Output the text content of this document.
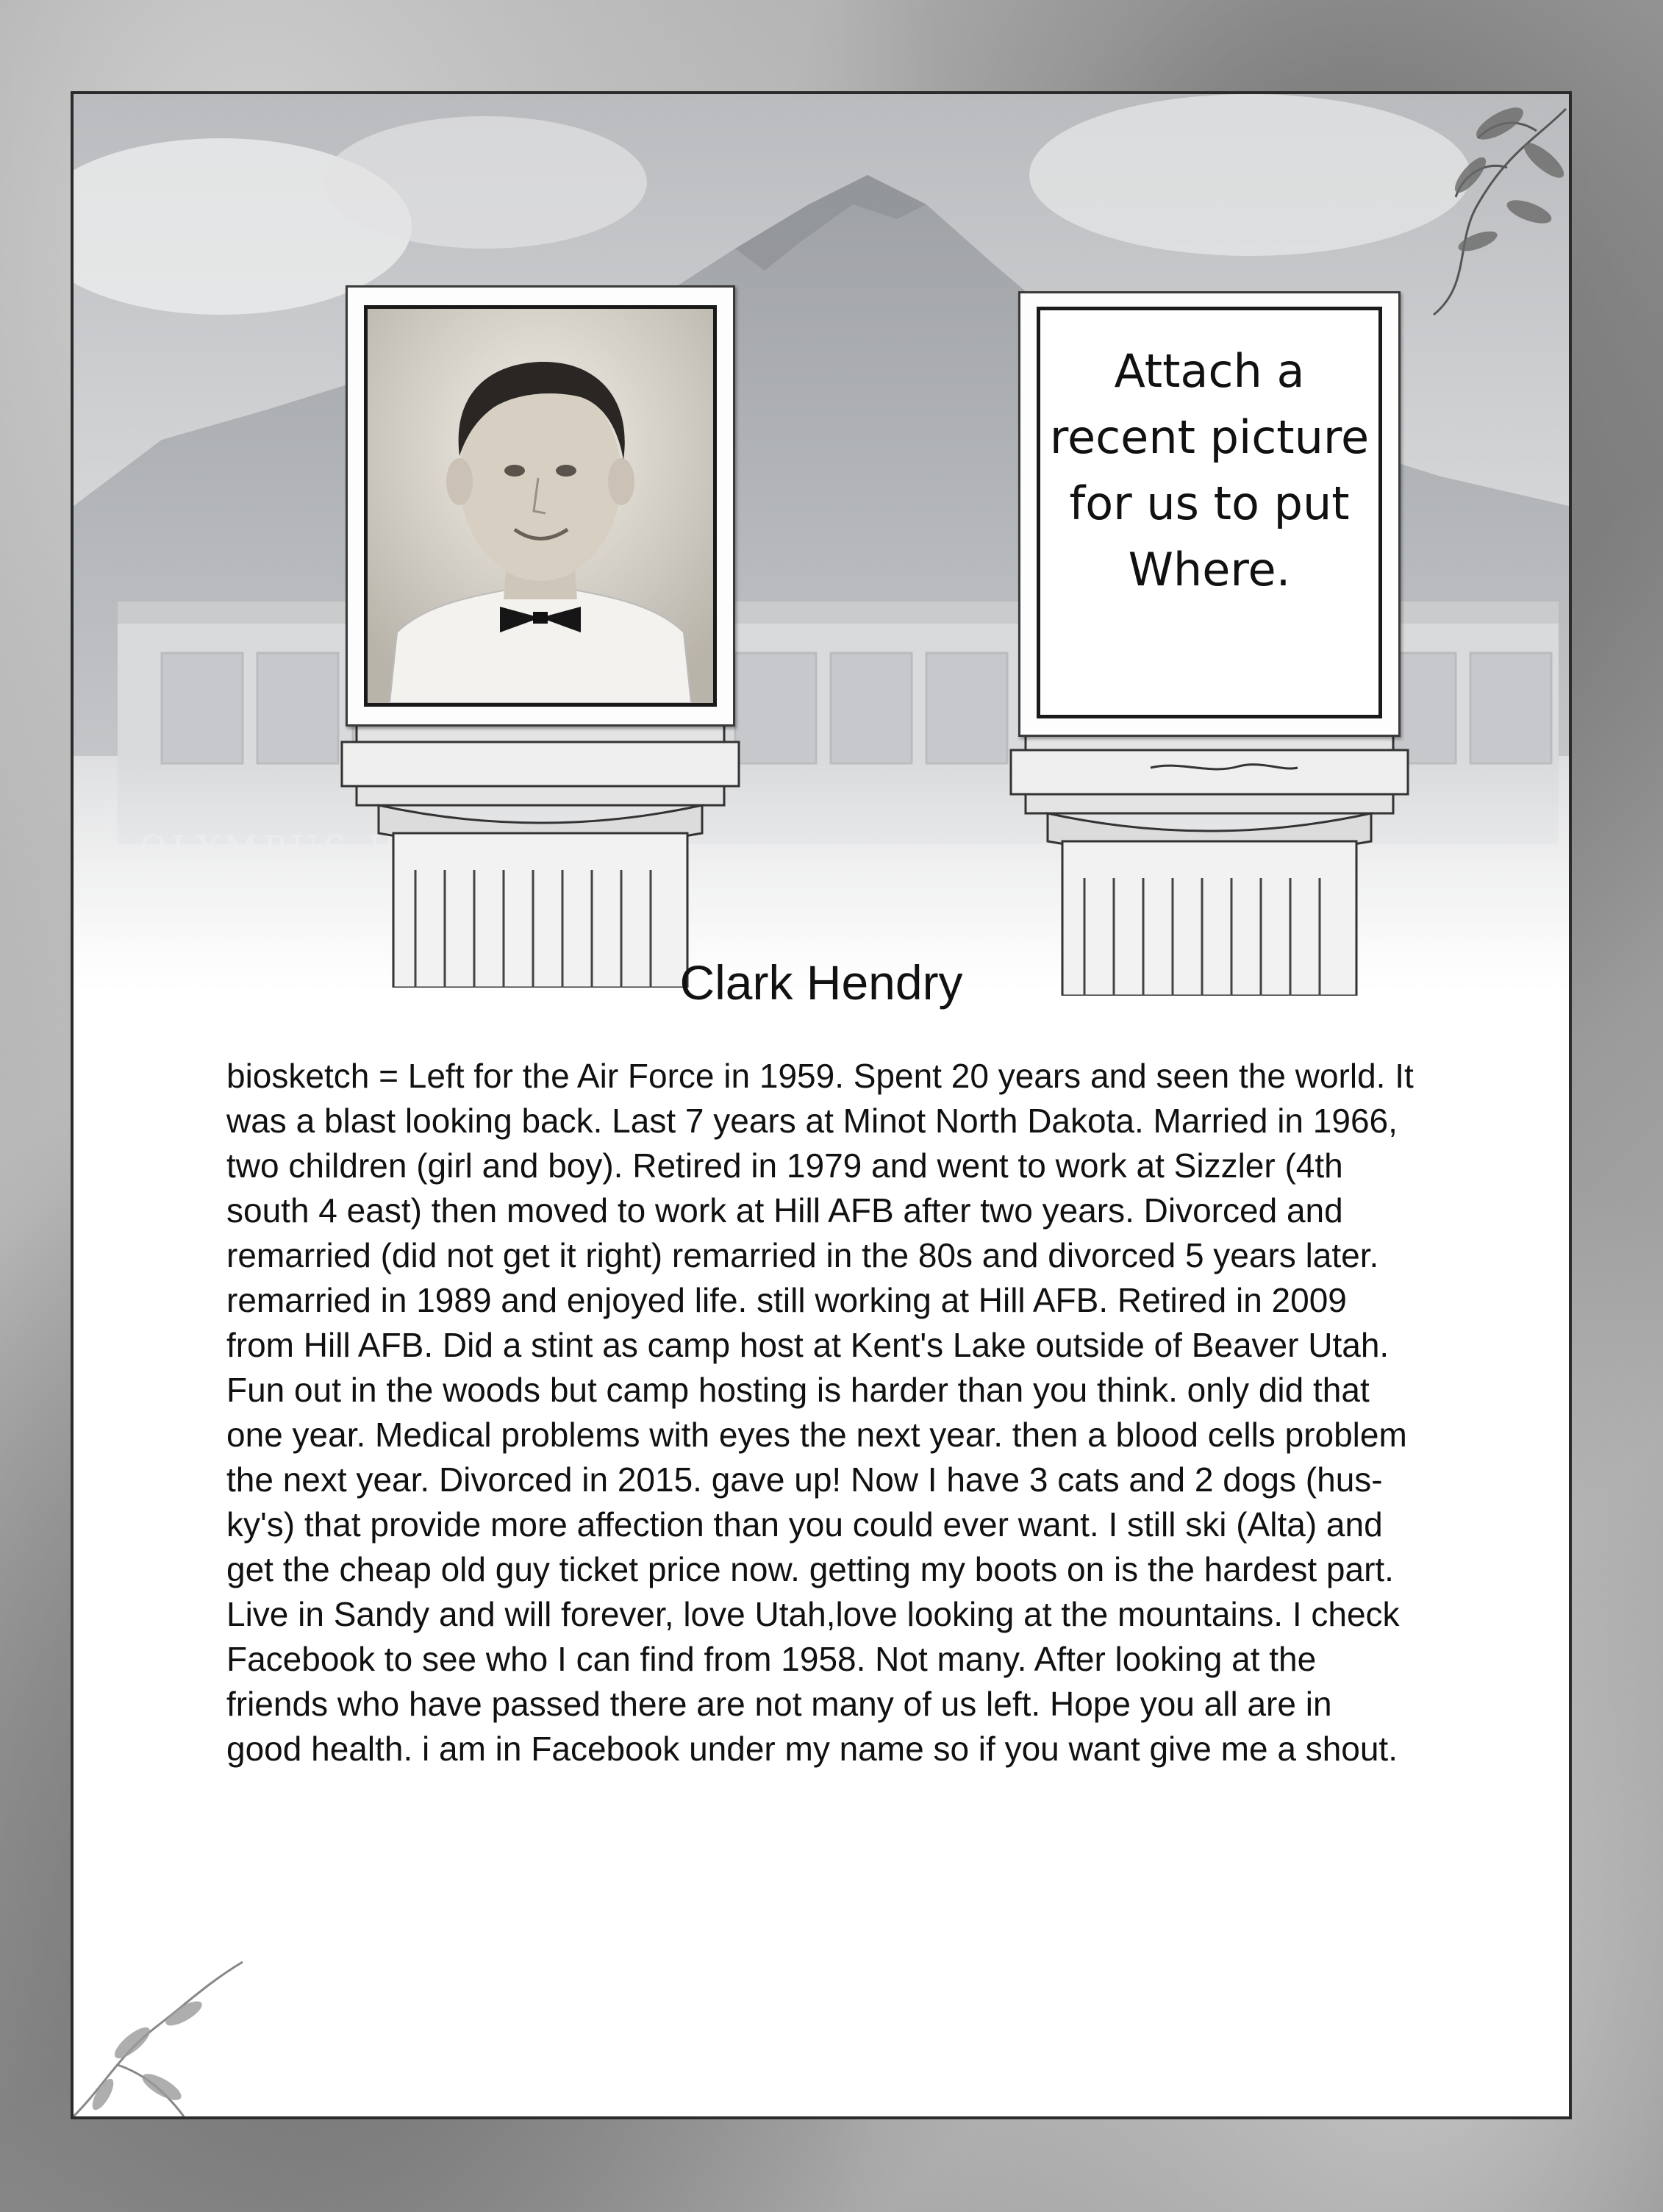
Attach a
recent picture
for us to put
Where.
Clark Hendry
biosketch = Left for the Air Force in 1959. Spent 20 years and seen the world. It
was a blast looking back. Last 7 years at Minot North Dakota. Married in 1966,
two children (girl and boy). Retired in 1979 and went to work at Sizzler (4th
south 4 east) then moved to work at Hill AFB after two years. Divorced and
remarried (did not get it right) remarried in the 80s and divorced 5 years later.
remarried in 1989 and enjoyed life. still working at Hill AFB. Retired in 2009
from Hill AFB. Did a stint as camp host at Kent's Lake outside of Beaver Utah.
Fun out in the woods but camp hosting is harder than you think. only did that
one year. Medical problems with eyes the next year. then a blood cells problem
the next year. Divorced in 2015. gave up! Now I have 3 cats and 2 dogs (hus-
ky's) that provide more affection than you could ever want. I still ski (Alta) and
get the cheap old guy ticket price now. getting my boots on is the hardest part.
Live in Sandy and will forever, love Utah,love looking at the mountains. I check
Facebook to see who I can find from 1958. Not many. After looking at the
friends who have passed there are not many of us left. Hope you all are in
good health. i am in Facebook under my name so if you want give me a shout.
